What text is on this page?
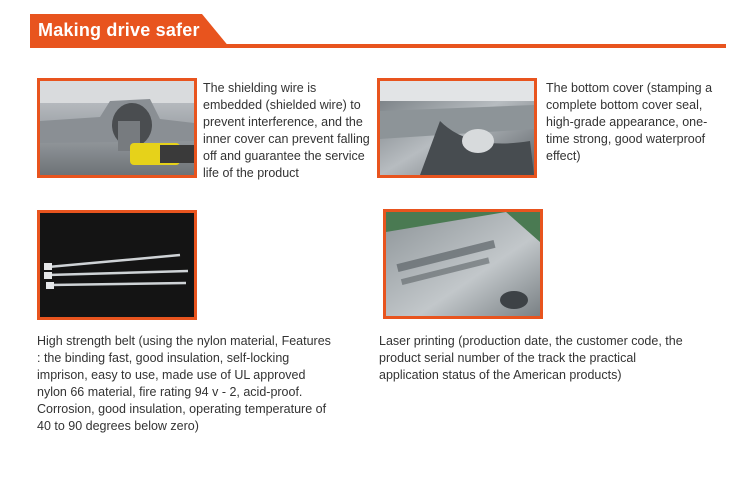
Making drive safer
The shielding wire is embedded (shielded wire) to prevent interference, and the inner cover can prevent falling off and guarantee the service life of the product
The bottom cover (stamping a complete bottom cover seal, high-grade appearance, one-time strong, good waterproof effect)
High strength belt (using the nylon material, Features : the binding fast, good insulation, self-locking imprison, easy to use, made use of UL approved nylon 66 material, fire rating 94 v - 2, acid-proof. Corrosion, good insulation, operating temperature of 40 to 90 degrees below zero)
Laser printing (production date, the customer code, the product serial number of the track the practical application status of the American products)
